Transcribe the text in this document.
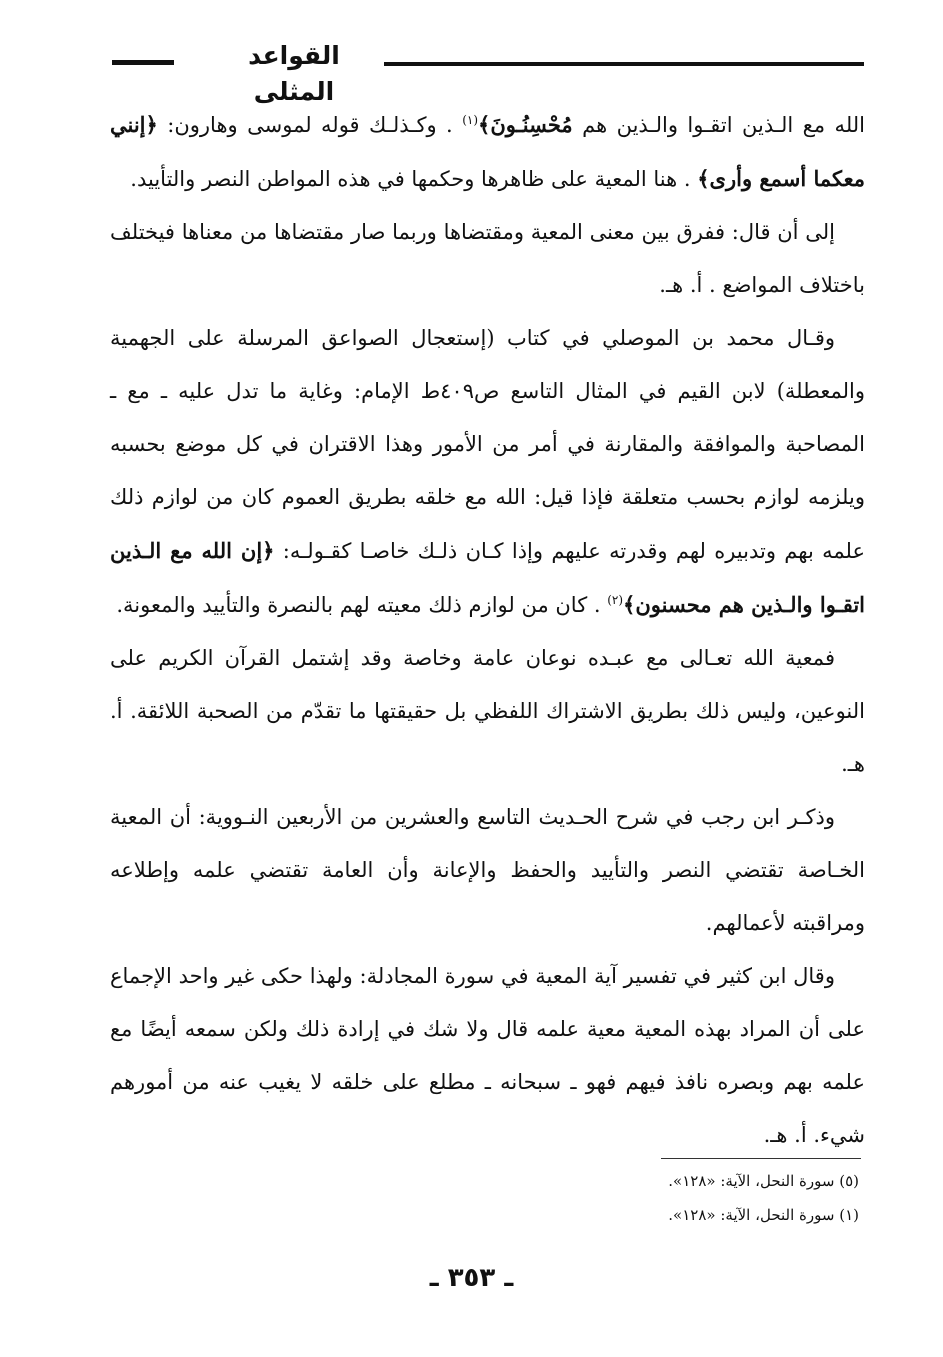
القواعد المثلى

الله مع الـذين اتقـوا والـذين هم مُحْسِنُـونَ﴾$^{(١)}$ . وكـذلـك قوله لموسى وهارون: ﴿إنني معكما أسمع وأرى﴾ . هنا المعية على ظاهرها وحكمها في هذه المواطن النصر والتأييد.

إلى أن قال: ففرق بين معنى المعية ومقتضاها وربما صار مقتضاها من معناها فيختلف باختلاف المواضع . أ. هـ.

وقـال محمد بن الموصلي في كتاب (إستعجال الصواعق المرسلة على الجهمية والمعطلة) لابن القيم في المثال التاسع ص٤٠٩ط الإمام: وغاية ما تدل عليه ـ مع ـ المصاحبة والموافقة والمقارنة في أمر من الأمور وهذا الاقتران في كل موضع بحسبه ويلزمه لوازم بحسب متعلقة فإذا قيل: الله مع خلقه بطريق العموم كان من لوازم ذلك علمه بهم وتدبيره لهم وقدرته عليهم وإذا كـان ذلـك خاصـا كقـولـه: ﴿إن الله مع الـذين اتقـوا والـذين هم محسنون﴾$^{(٢)}$ . كان من لوازم ذلك معيته لهم بالنصرة والتأييد والمعونة.

فمعية الله تعـالى مع عبـده نوعان عامة وخاصة وقد إشتمل القرآن الكريم على النوعين، وليس ذلك بطريق الاشتراك اللفظي بل حقيقتها ما تقدّم من الصحبة اللائقة. أ. هـ.

وذكـر ابن رجب في شرح الحـديث التاسع والعشرين من الأربعين النـووية: أن المعية الخـاصة تقتضي النصر والتأييد والحفظ والإعانة وأن العامة تقتضي علمه وإطلاعه ومراقبته لأعمالهم.

وقال ابن كثير في تفسير آية المعية في سورة المجادلة: ولهذا حكى غير واحد الإجماع على أن المراد بهذه المعية معية علمه قال ولا شك في إرادة ذلك ولكن سمعه أيضًا مع علمه بهم وبصره نافذ فيهم فهو ـ سبحانه ـ مطلع على خلقه لا يغيب عنه من أمورهم شيء. أ. هـ.

(٥) سورة النحل، الآية: «١٢٨».

(١) سورة النحل، الآية: «١٢٨».

ـ ٣٥٣ ـ
